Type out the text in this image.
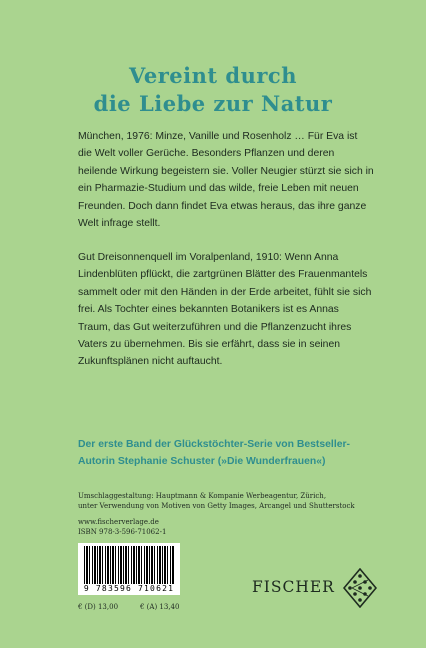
Vereint durch
die Liebe zur Natur
München, 1976: Minze, Vanille und Rosenholz … Für Eva ist die Welt voller Gerüche. Besonders Pflanzen und deren heilende Wirkung begeistern sie. Voller Neugier stürzt sie sich in ein Pharmazie-Studium und das wilde, freie Leben mit neuen Freunden. Doch dann findet Eva etwas heraus, das ihre ganze Welt infrage stellt.
Gut Dreisonnenquell im Voralpenland, 1910: Wenn Anna Lindenblüten pflückt, die zartgrünen Blätter des Frauenmantels sammelt oder mit den Händen in der Erde arbeitet, fühlt sie sich frei. Als Tochter eines bekannten Botanikers ist es Annas Traum, das Gut weiterzuführen und die Pflanzenzucht ihres Vaters zu übernehmen. Bis sie erfährt, dass sie in seinen Zukunftsplänen nicht auftaucht.
Der erste Band der Glückstöchter-Serie von Bestseller-Autorin Stephanie Schuster (»Die Wunderfrauen«)
Umschlaggestaltung: Hauptmann & Kompanie Werbeagentur, Zürich,
unter Verwendung von Motiven von Getty Images, Arcangel und Shutterstock
www.fischerverlage.de
ISBN 978-3-596-71062-1
9 783596 710621
€ (D) 13,00	€ (A) 13,40
FISCHER
